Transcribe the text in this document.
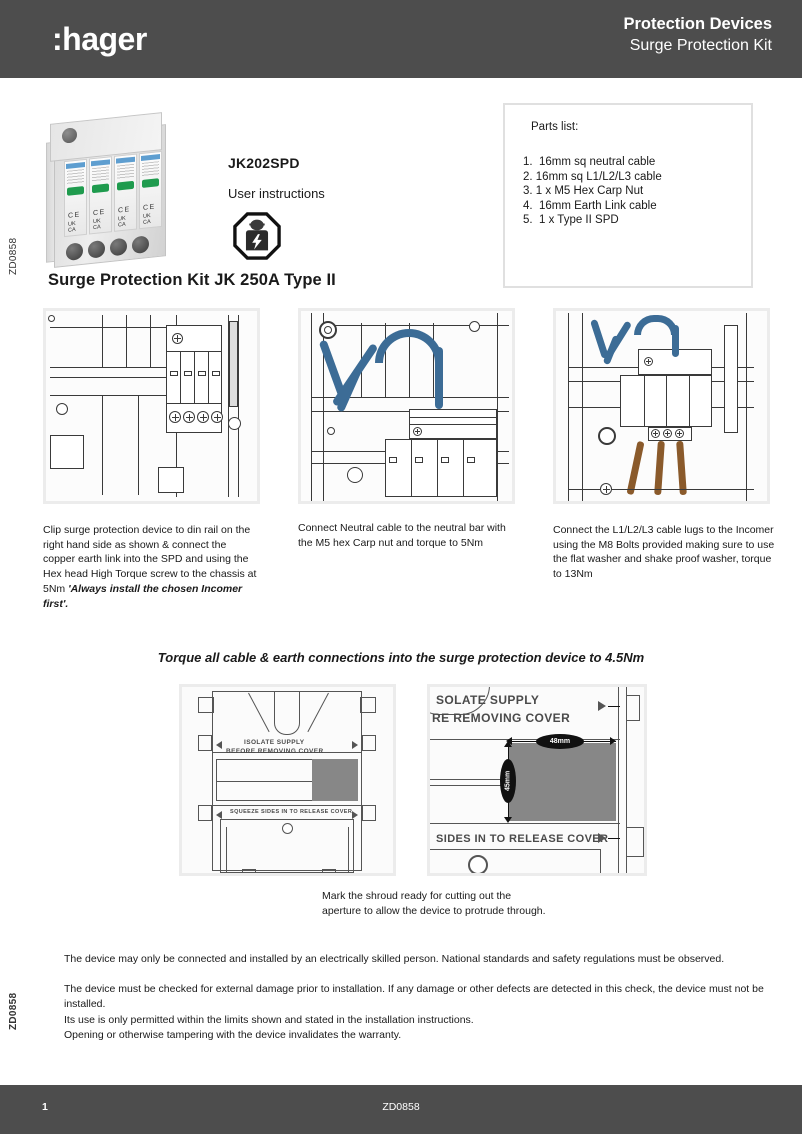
:hager	Protection Devices
Surge Protection Kit
ZD0858
ZD0858
C E
UK
CA
C E
UK
CA
C E
UK
CA
C E
UK
CA
JK202SPD
User instructions
Parts list:
1.  16mm sq neutral cable
2. 16mm sq L1/L2/L3 cable
3. 1 x M5 Hex Carp Nut
4.  16mm Earth Link cable
5.  1 x Type II SPD
Surge Protection Kit JK 250A Type II
Clip surge protection device to din rail on the right hand side as shown & connect the copper earth link into the SPD and using the Hex head High Torque screw to the chassis at 5Nm 'Always install the chosen Incomer first'.
Connect Neutral cable to the neutral bar with the M5 hex Carp nut and torque to 5Nm
Connect the L1/L2/L3 cable lugs to the Incomer using the M8 Bolts provided making sure to use the flat washer and shake proof washer, torque to 13Nm
Torque all cable & earth connections into the surge protection device to 4.5Nm
ISOLATE SUPPLY
BEFORE REMOVING COVER
SQUEEZE SIDES IN TO RELEASE COVER
SOLATE SUPPLY
RE REMOVING COVER
48mm
45mm
SIDES IN TO RELEASE COVER
Mark the shroud ready for cutting out the aperture to allow the device to protrude through.

The device may only be connected and installed by an electrically skilled person. National standards and safety regulations must be observed.

The device must be checked for external damage prior to installation. If any damage or other defects are detected in this check, the device must not be installed.

Its use is only permitted within the limits shown and stated in the installation instructions.

Opening or otherwise tampering with the device invalidates the warranty.

1	ZD0858
